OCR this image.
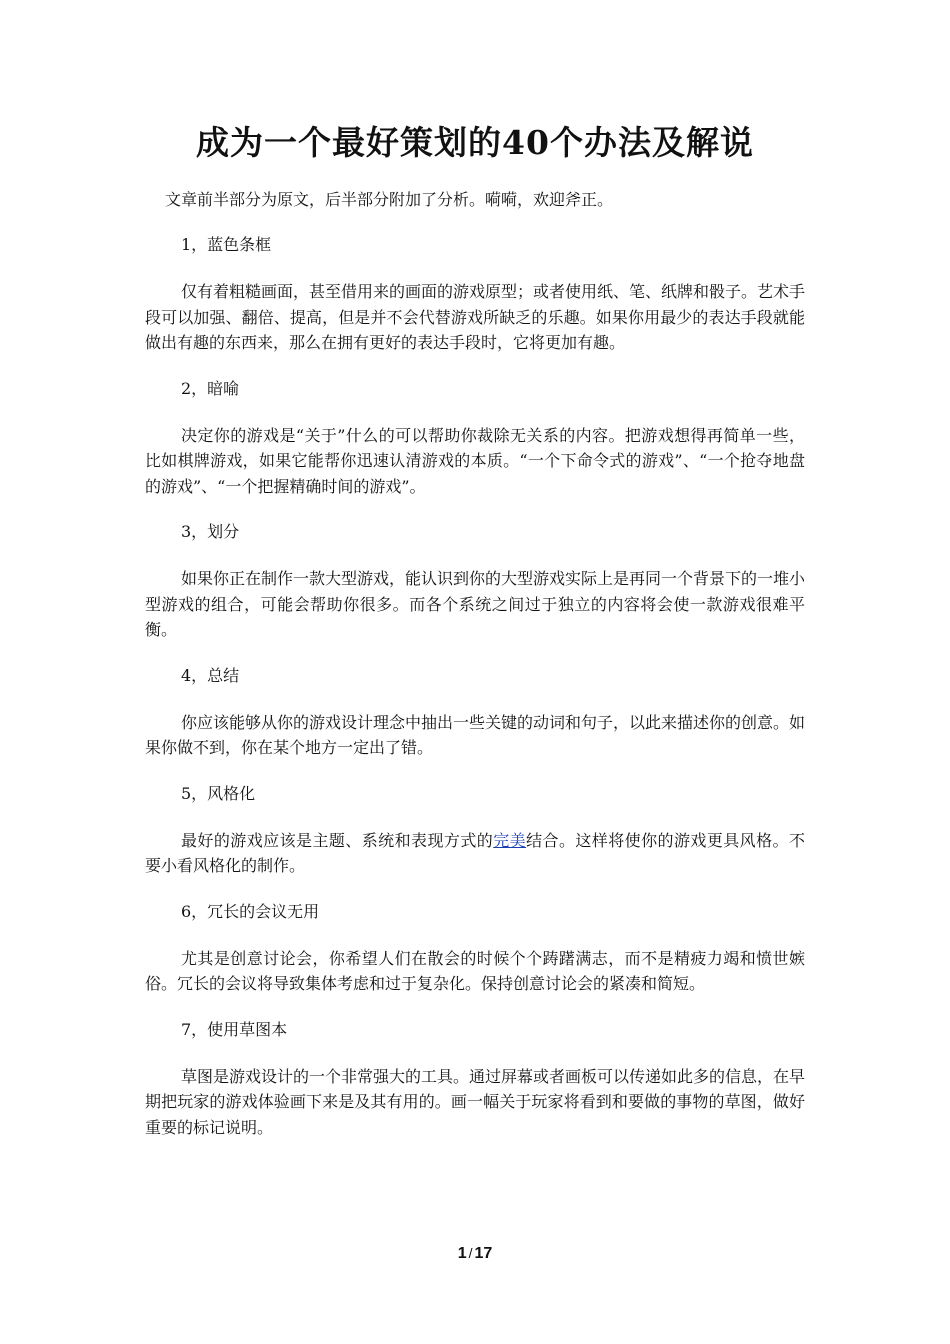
成为一个最好策划的40个办法及解说

文章前半部分为原文，后半部分附加了分析。嗬嗬，欢迎斧正。

1，蓝色条框

仅有着粗糙画面，甚至借用来的画面的游戏原型；或者使用纸、笔、纸牌和骰子。艺术手段可以加强、翻倍、提高，但是并不会代替游戏所缺乏的乐趣。如果你用最少的表达手段就能做出有趣的东西来，那么在拥有更好的表达手段时，它将更加有趣。

2，暗喻

决定你的游戏是“关于”什么的可以帮助你裁除无关系的内容。把游戏想得再简单一些，比如棋牌游戏，如果它能帮你迅速认清游戏的本质。“一个下命令式的游戏”、“一个抢夺地盘的游戏”、“一个把握精确时间的游戏”。

3，划分

如果你正在制作一款大型游戏，能认识到你的大型游戏实际上是再同一个背景下的一堆小型游戏的组合，可能会帮助你很多。而各个系统之间过于独立的内容将会使一款游戏很难平衡。

4，总结

你应该能够从你的游戏设计理念中抽出一些关键的动词和句子，以此来描述你的创意。如果你做不到，你在某个地方一定出了错。

5，风格化

最好的游戏应该是主题、系统和表现方式的完美结合。这样将使你的游戏更具风格。不要小看风格化的制作。

6，冗长的会议无用

尤其是创意讨论会，你希望人们在散会的时候个个踌躇满志，而不是精疲力竭和愤世嫉俗。冗长的会议将导致集体考虑和过于复杂化。保持创意讨论会的紧凑和简短。

7，使用草图本

草图是游戏设计的一个非常强大的工具。通过屏幕或者画板可以传递如此多的信息，在早期把玩家的游戏体验画下来是及其有用的。画一幅关于玩家将看到和要做的事物的草图，做好重要的标记说明。

1 / 17
